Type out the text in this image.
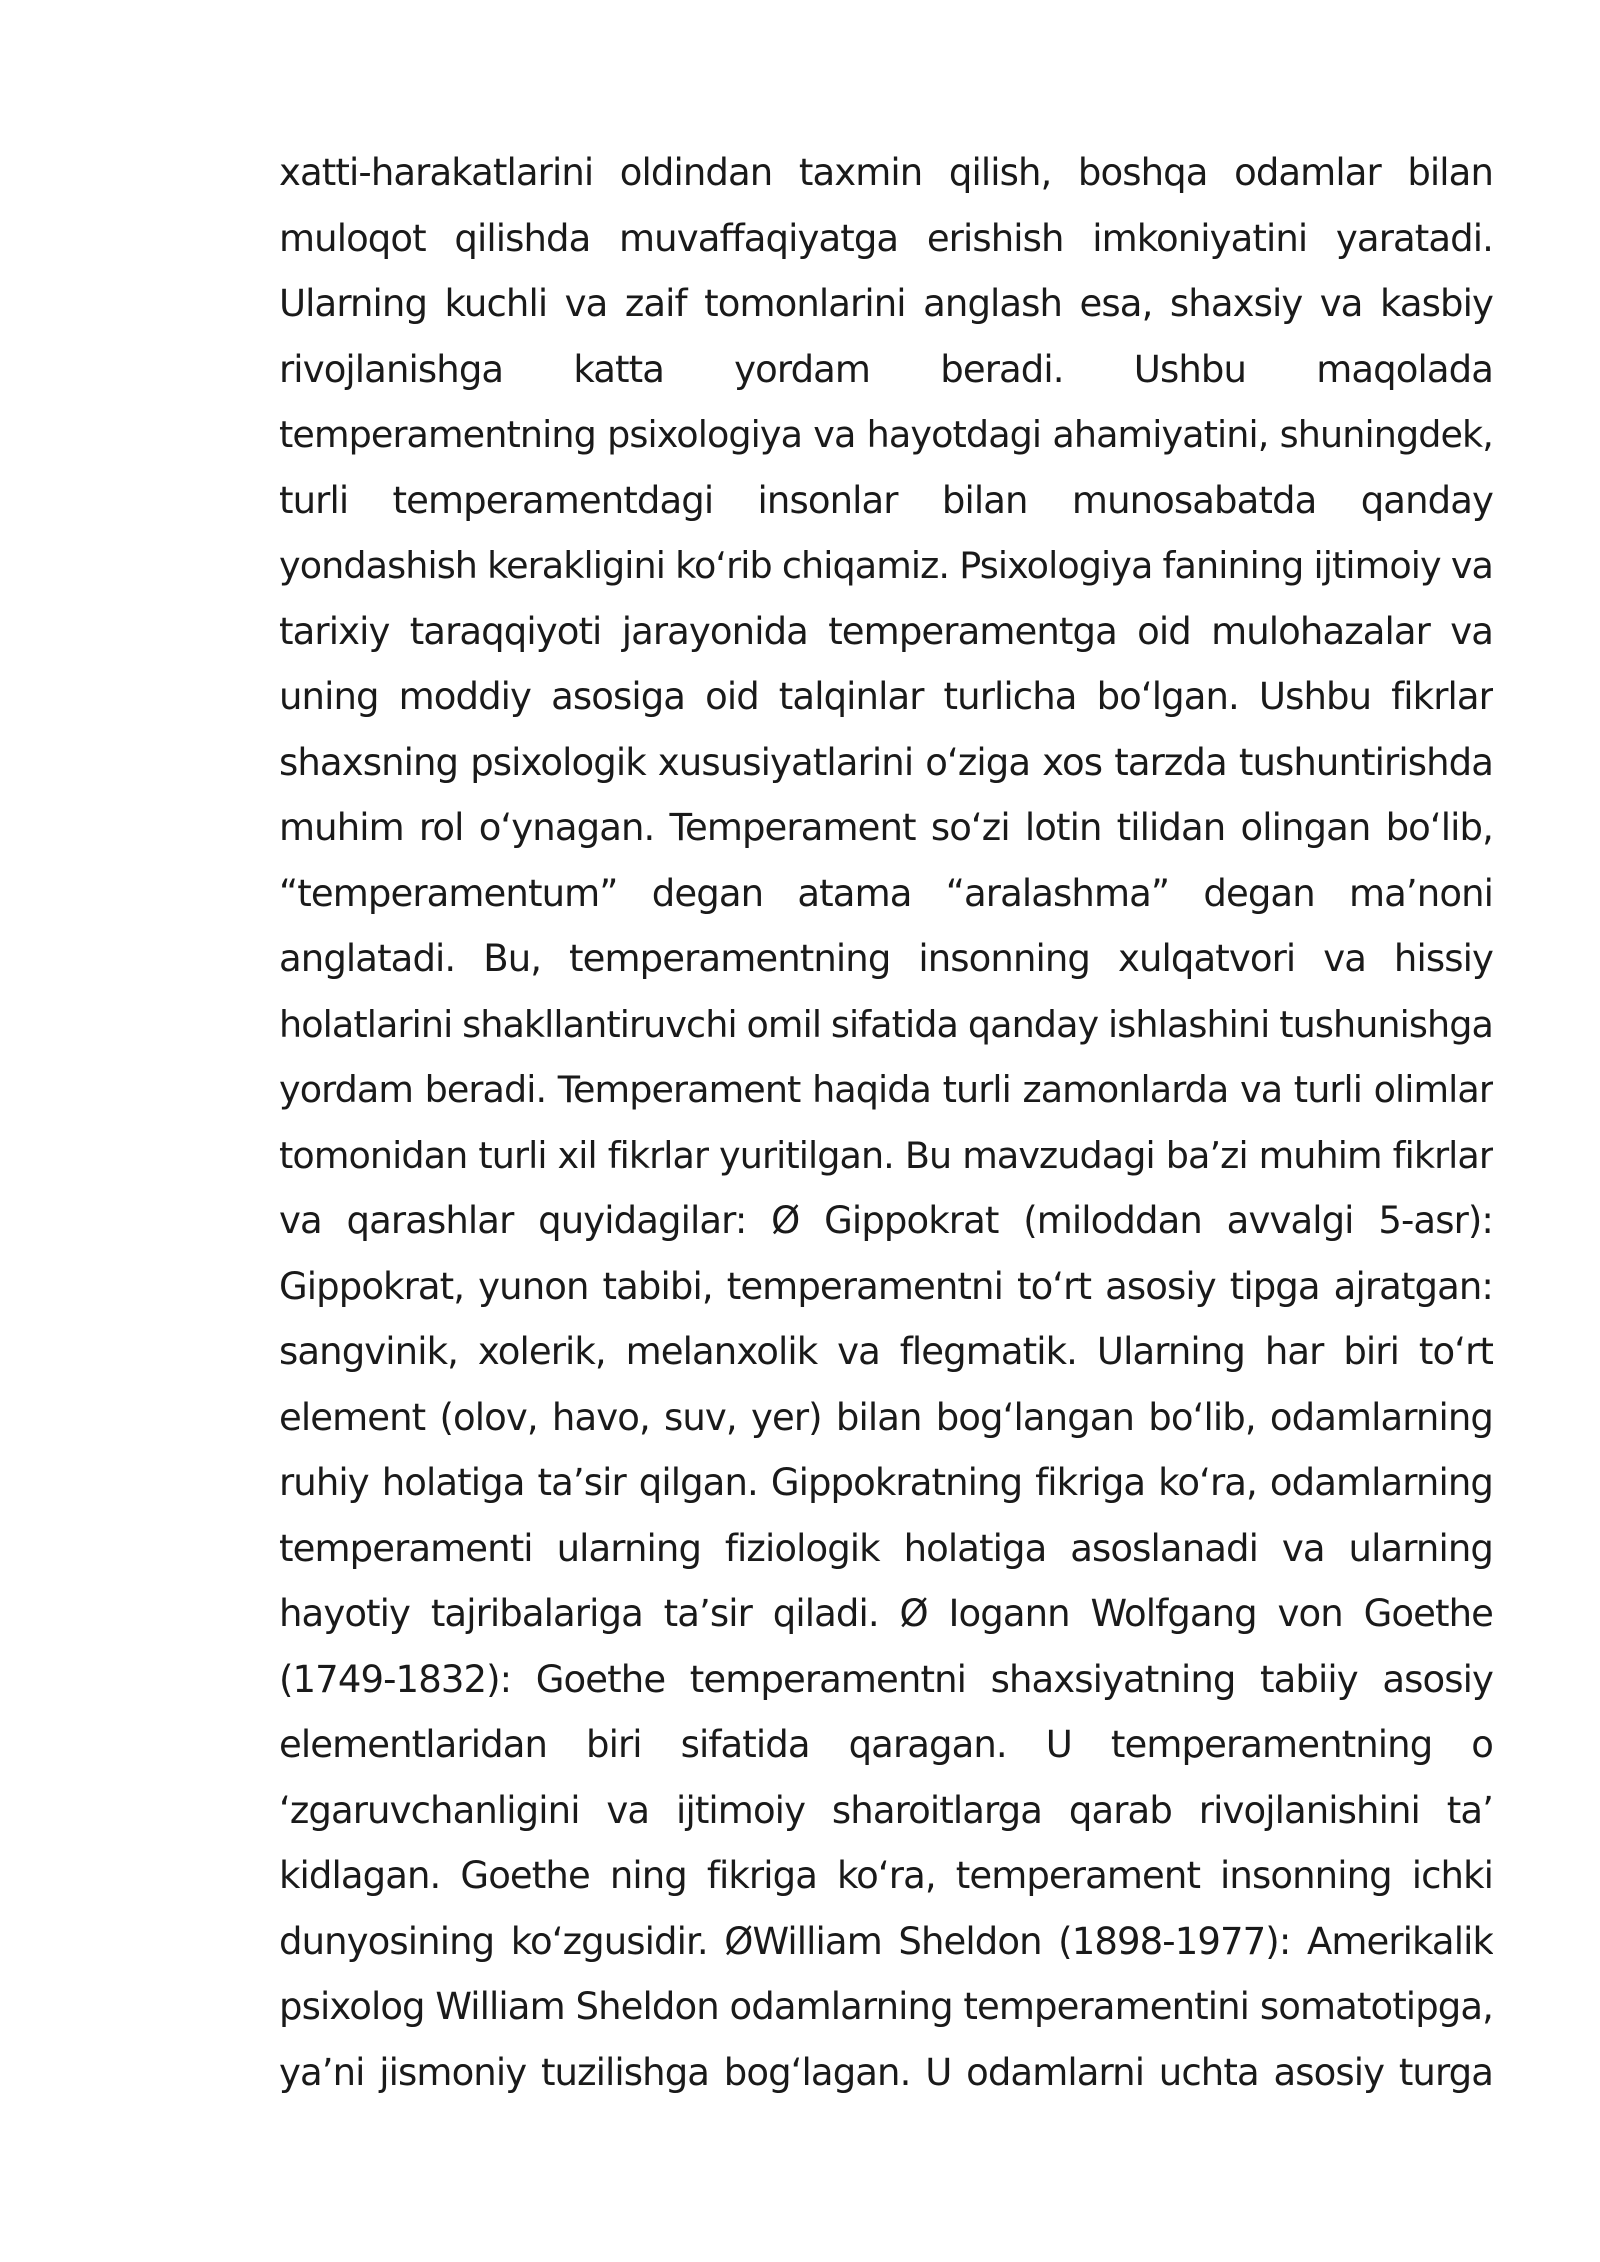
xatti-harakatlarini oldindan taxmin qilish, boshqa odamlar bilan
muloqot qilishda muvaffaqiyatga erishish imkoniyatini yaratadi.
Ularning kuchli va zaif tomonlarini anglash esa, shaxsiy va kasbiy
rivojlanishga katta yordam beradi. Ushbu maqolada
temperamentning psixologiya va hayotdagi ahamiyatini, shuningdek,
turli temperamentdagi insonlar bilan munosabatda qanday
yondashish kerakligini koʻrib chiqamiz. Psixologiya fanining ijtimoiy va
tarixiy taraqqiyoti jarayonida temperamentga oid mulohazalar va
uning moddiy asosiga oid talqinlar turlicha boʻlgan. Ushbu fikrlar
shaxsning psixologik xususiyatlarini oʻziga xos tarzda tushuntirishda
muhim rol oʻynagan. Temperament soʻzi lotin tilidan olingan boʻlib,
“temperamentum” degan atama “aralashma” degan ma’noni
anglatadi. Bu, temperamentning insonning xulqatvori va hissiy
holatlarini shakllantiruvchi omil sifatida qanday ishlashini tushunishga
yordam beradi. Temperament haqida turli zamonlarda va turli olimlar
tomonidan turli xil fikrlar yuritilgan. Bu mavzudagi ba’zi muhim fikrlar
va qarashlar quyidagilar: Ø Gippokrat (miloddan avvalgi 5-asr):
Gippokrat, yunon tabibi, temperamentni toʻrt asosiy tipga ajratgan:
sangvinik, xolerik, melanxolik va flegmatik. Ularning har biri toʻrt
element (olov, havo, suv, yer) bilan bogʻlangan boʻlib, odamlarning
ruhiy holatiga ta’sir qilgan. Gippokratning fikriga koʻra, odamlarning
temperamenti ularning fiziologik holatiga asoslanadi va ularning
hayotiy tajribalariga ta’sir qiladi. Ø Iogann Wolfgang von Goethe
(1749-1832): Goethe temperamentni shaxsiyatning tabiiy asosiy
elementlaridan biri sifatida qaragan. U temperamentning o
‘zgaruvchanligini va ijtimoiy sharoitlarga qarab rivojlanishini ta’
kidlagan. Goethe ning fikriga koʻra, temperament insonning ichki
dunyosining koʻzgusidir. ØWilliam Sheldon (1898-1977): Amerikalik
psixolog William Sheldon odamlarning temperamentini somatotipga,
ya’ni jismoniy tuzilishga bogʻlagan. U odamlarni uchta asosiy turga
